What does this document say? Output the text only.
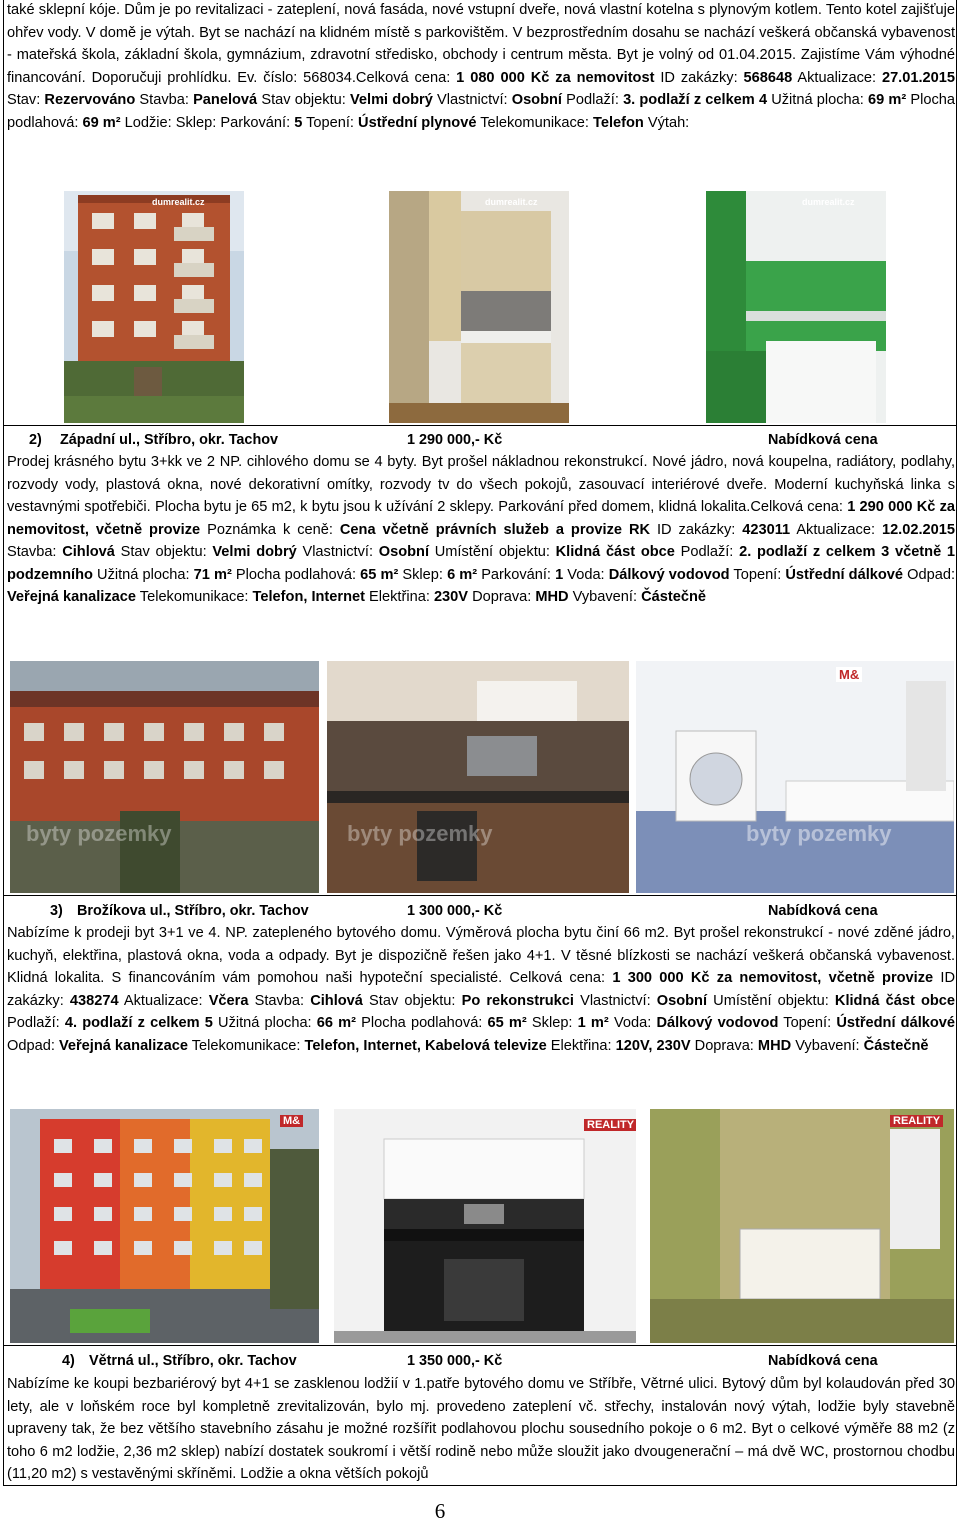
také sklepní kóje. Dům je po revitalizaci - zateplení, nová fasáda, nové vstupní dveře, nová vlastní kotelna s plynovým kotlem. Tento kotel zajišťuje ohřev vody. V domě je výtah. Byt se nachází na klidném místě s parkovištěm. V bezprostředním dosahu se nachází veškerá občanská vybavenost - mateřská škola, základní škola, gymnázium, zdravotní středisko, obchody i centrum města. Byt je volný od 01.04.2015. Zajistíme Vám výhodné financování. Doporučuji prohlídku. Ev. číslo: 568034.Celková cena: 1 080 000 Kč za nemovitost ID zakázky: 568648 Aktualizace: 27.01.2015 Stav: Rezervováno Stavba: Panelová Stav objektu: Velmi dobrý Vlastnictví: Osobní Podlaží: 3. podlaží z celkem 4 Užitná plocha: 69 m² Plocha podlahová: 69 m² Lodžie: Sklep: Parkování: 5 Topení: Ústřední plynové Telekomunikace: Telefon Výtah:

dumrealit.cz	dumrealit.cz	dumrealit.cz
2) Západní ul., Stříbro, okr. Tachov	1 290 000,- Kč	Nabídková cena

Prodej krásného bytu 3+kk ve 2 NP. cihlového domu se 4 byty. Byt prošel nákladnou rekonstrukcí. Nové jádro, nová koupelna, radiátory, podlahy, rozvody vody, plastová okna, nové dekorativní omítky, rozvody tv do všech pokojů, zasouvací interiérové dveře. Moderní kuchyňská linka s vestavnými spotřebiči. Plocha bytu je 65 m2, k bytu jsou k užívání 2 sklepy. Parkování před domem, klidná lokalita.Celková cena: 1 290 000 Kč za nemovitost, včetně provize Poznámka k ceně: Cena včetně právních služeb a provize RK ID zakázky: 423011 Aktualizace: 12.02.2015 Stavba: Cihlová Stav objektu: Velmi dobrý Vlastnictví: Osobní Umístění objektu: Klidná část obce Podlaží: 2. podlaží z celkem 3 včetně 1 podzemního Užitná plocha: 71 m² Plocha podlahová: 65 m² Sklep: 6 m² Parkování: 1 Voda: Dálkový vodovod Topení: Ústřední dálkové Odpad: Veřejná kanalizace Telekomunikace: Telefon, Internet Elektřina: 230V Doprava: MHD Vybavení: Částečně

byty pozemky	byty pozemky
M&
byty pozemky
3) Brožíkova ul., Stříbro, okr. Tachov	1 300 000,- Kč	Nabídková cena

Nabízíme k prodeji byt 3+1 ve 4. NP. zatepleného bytového domu. Výměrová plocha bytu činí 66 m2. Byt prošel rekonstrukcí - nové zděné jádro, kuchyň, elektřina, plastová okna, voda a odpady. Byt je dispozičně řešen jako 4+1. V těsné blízkosti se nachází veškerá občanská vybavenost. Klidná lokalita. S financováním vám pomohou naši hypoteční specialisté. Celková cena: 1 300 000 Kč za nemovitost, včetně provize ID zakázky: 438274 Aktualizace: Včera Stavba: Cihlová Stav objektu: Po rekonstrukci Vlastnictví: Osobní Umístění objektu: Klidná část obce Podlaží: 4. podlaží z celkem 5 Užitná plocha: 66 m² Plocha podlahová: 65 m² Sklep: 1 m² Voda: Dálkový vodovod Topení: Ústřední dálkové Odpad: Veřejná kanalizace Telekomunikace: Telefon, Internet, Kabelová televize Elektřina: 120V, 230V Doprava: MHD Vybavení: Částečně

M&	REALITY	REALITY
4) Větrná ul., Stříbro, okr. Tachov	1 350 000,- Kč	Nabídková cena

Nabízíme ke koupi bezbariérový byt 4+1 se zasklenou lodžií v 1.patře bytového domu ve Stříbře, Větrné ulici. Bytový dům byl kolaudován před 30 lety, ale v loňském roce byl kompletně zrevitalizován, bylo mj. provedeno zateplení vč. střechy, instalován nový výtah, lodžie byly stavebně upraveny tak, že bez většího stavebního zásahu je možné rozšířit podlahovou plochu sousedního pokoje o 6 m2. Byt o celkové výměře 88 m2 (z toho 6 m2 lodžie, 2,36 m2 sklep) nabízí dostatek soukromí i větší rodině nebo může sloužit jako dvougenerační – má dvě WC, prostornou chodbu (11,20 m2) s vestavěnými skříněmi. Lodžie a okna větších pokojů

6
